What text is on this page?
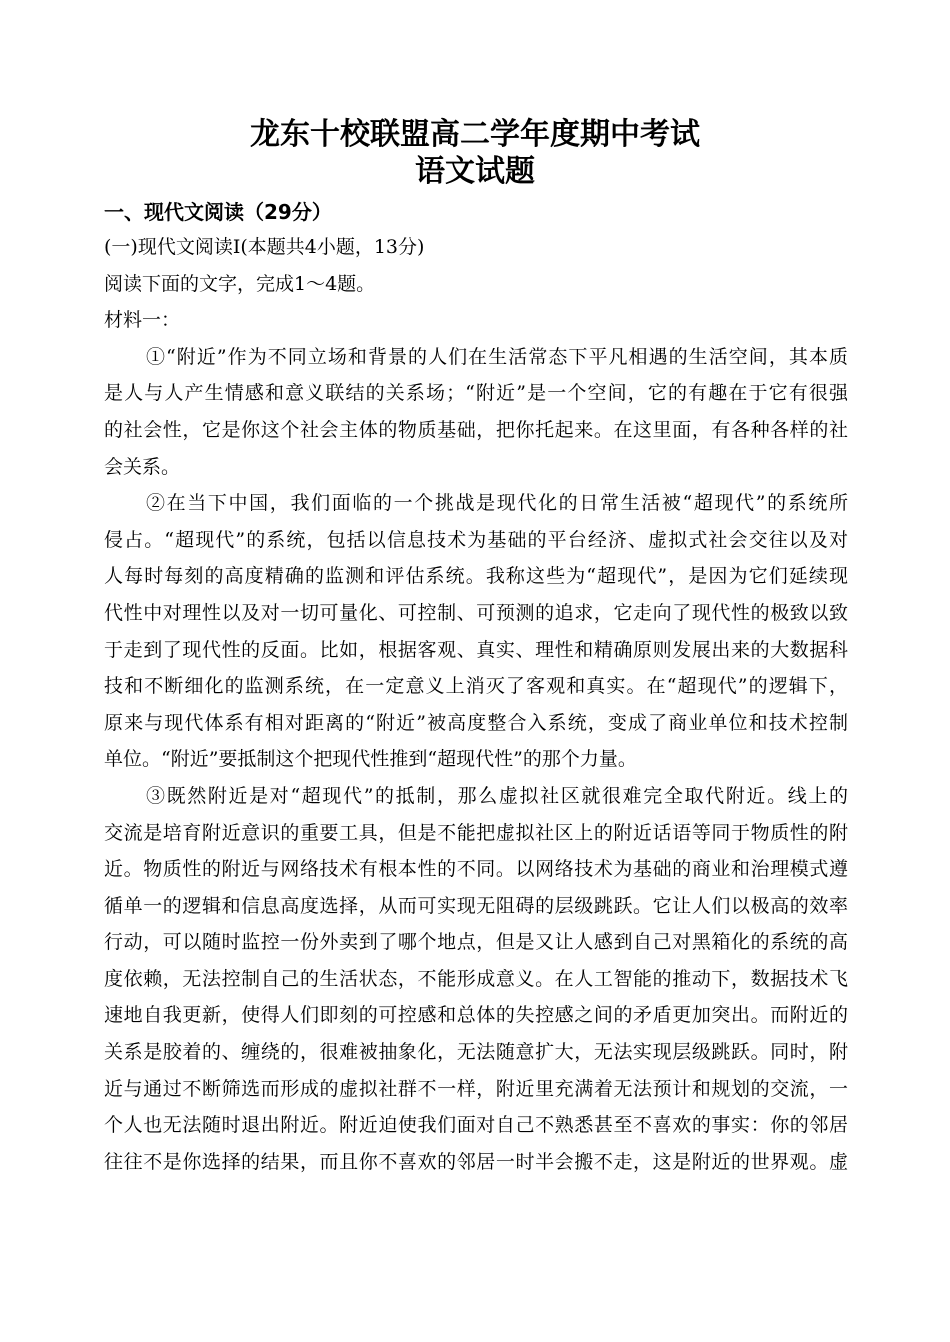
龙东十校联盟高二学年度期中考试
语文试题
一、现代文阅读（29分）
(一)现代文阅读Ⅰ(本题共4小题，13分)
阅读下面的文字，完成1～4题。
材料一：
①“附近”作为不同立场和背景的人们在生活常态下平凡相遇的生活空间，其本质
是人与人产生情感和意义联结的关系场；“附近”是一个空间，它的有趣在于它有很强
的社会性，它是你这个社会主体的物质基础，把你托起来。在这里面，有各种各样的社
会关系。
②在当下中国，我们面临的一个挑战是现代化的日常生活被“超现代”的系统所
侵占。“超现代”的系统，包括以信息技术为基础的平台经济、虚拟式社会交往以及对
人每时每刻的高度精确的监测和评估系统。我称这些为“超现代”，是因为它们延续现
代性中对理性以及对一切可量化、可控制、可预测的追求，它走向了现代性的极致以致
于走到了现代性的反面。比如，根据客观、真实、理性和精确原则发展出来的大数据科
技和不断细化的监测系统，在一定意义上消灭了客观和真实。在“超现代”的逻辑下，
原来与现代体系有相对距离的“附近”被高度整合入系统，变成了商业单位和技术控制
单位。“附近”要抵制这个把现代性推到“超现代性”的那个力量。
③既然附近是对“超现代”的抵制，那么虚拟社区就很难完全取代附近。线上的
交流是培育附近意识的重要工具，但是不能把虚拟社区上的附近话语等同于物质性的附
近。物质性的附近与网络技术有根本性的不同。以网络技术为基础的商业和治理模式遵
循单一的逻辑和信息高度选择，从而可实现无阻碍的层级跳跃。它让人们以极高的效率
行动，可以随时监控一份外卖到了哪个地点，但是又让人感到自己对黑箱化的系统的高
度依赖，无法控制自己的生活状态，不能形成意义。在人工智能的推动下，数据技术飞
速地自我更新，使得人们即刻的可控感和总体的失控感之间的矛盾更加突出。而附近的
关系是胶着的、缠绕的，很难被抽象化，无法随意扩大，无法实现层级跳跃。同时，附
近与通过不断筛选而形成的虚拟社群不一样，附近里充满着无法预计和规划的交流，一
个人也无法随时退出附近。附近迫使我们面对自己不熟悉甚至不喜欢的事实：你的邻居
往往不是你选择的结果，而且你不喜欢的邻居一时半会搬不走，这是附近的世界观。虚
